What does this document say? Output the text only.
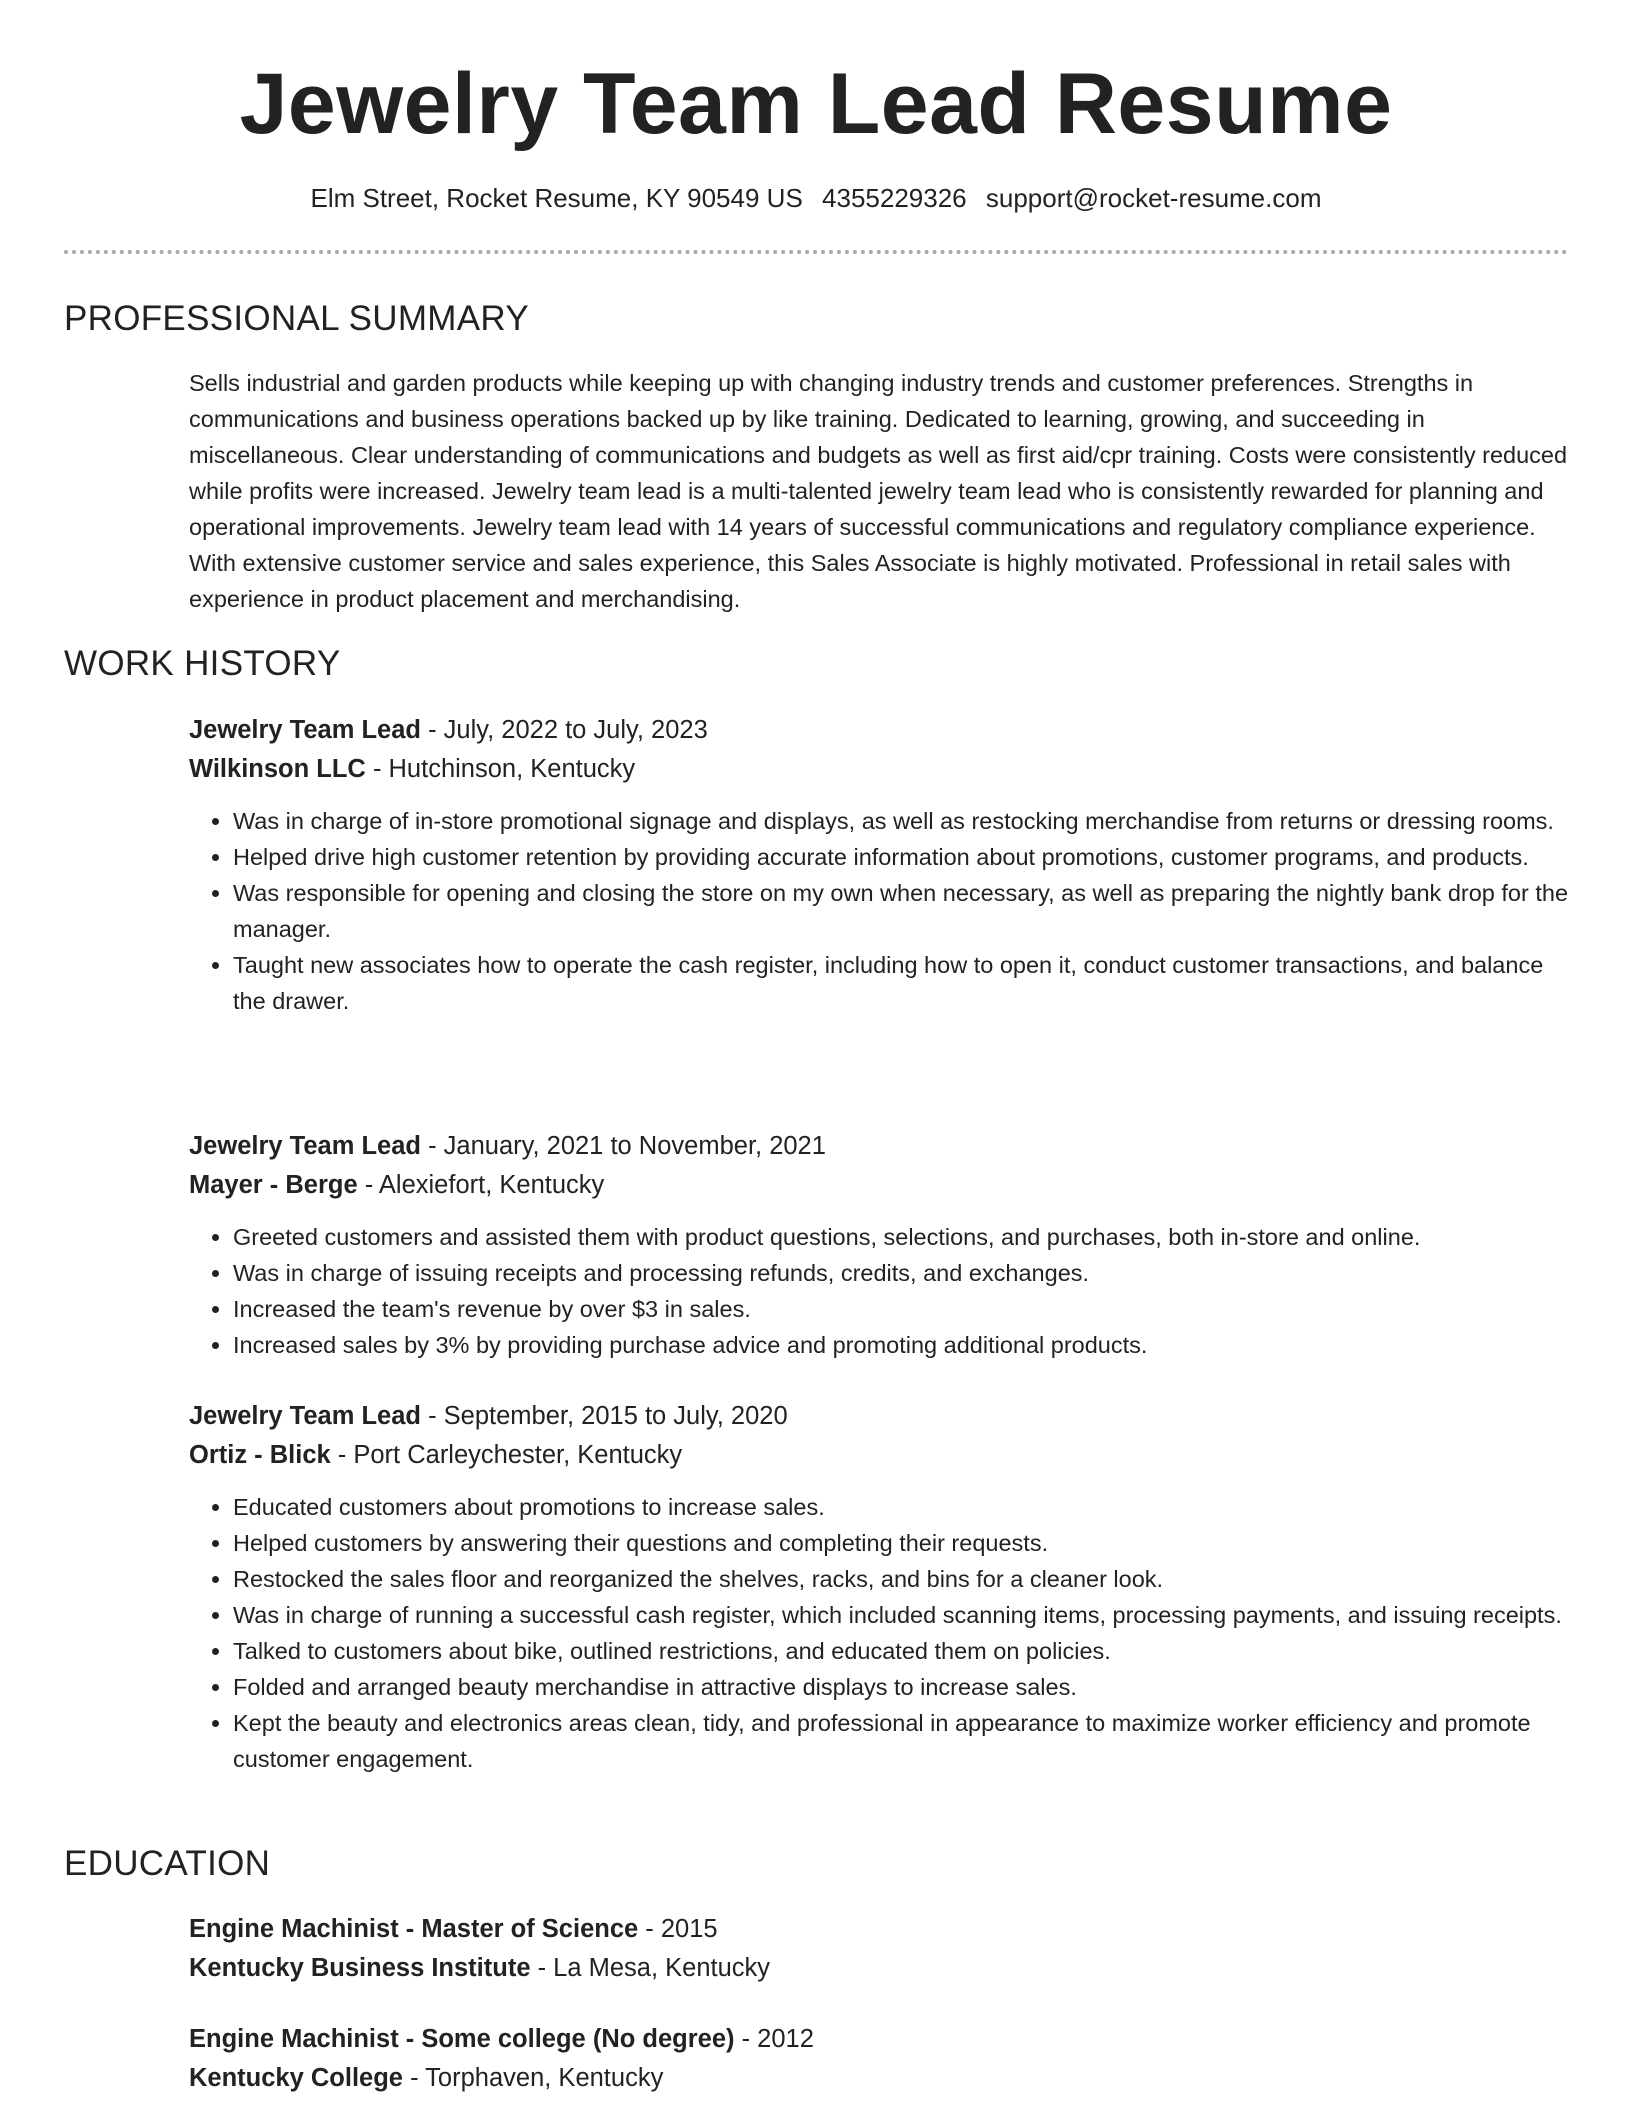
Jewelry Team Lead Resume
Elm Street, Rocket Resume, KY 90549 US 4355229326 support@rocket-resume.com
PROFESSIONAL SUMMARY

Sells industrial and garden products while keeping up with changing industry trends and customer preferences. Strengths in communications and business operations backed up by like training. Dedicated to learning, growing, and succeeding in miscellaneous. Clear understanding of communications and budgets as well as first aid/cpr training. Costs were consistently reduced while profits were increased. Jewelry team lead is a multi-talented jewelry team lead who is consistently rewarded for planning and operational improvements. Jewelry team lead with 14 years of successful communications and regulatory compliance experience. With extensive customer service and sales experience, this Sales Associate is highly motivated. Professional in retail sales with experience in product placement and merchandising.

WORK HISTORY
Jewelry Team Lead - July, 2022 to July, 2023
Wilkinson LLC - Hutchinson, Kentucky
• Was in charge of in-store promotional signage and displays, as well as restocking merchandise from returns or dressing rooms.
• Helped drive high customer retention by providing accurate information about promotions, customer programs, and products.
• Was responsible for opening and closing the store on my own when necessary, as well as preparing the nightly bank drop for the manager.
• Taught new associates how to operate the cash register, including how to open it, conduct customer transactions, and balance the drawer.
Jewelry Team Lead - January, 2021 to November, 2021
Mayer - Berge - Alexiefort, Kentucky
• Greeted customers and assisted them with product questions, selections, and purchases, both in-store and online.
• Was in charge of issuing receipts and processing refunds, credits, and exchanges.
• Increased the team's revenue by over $3 in sales.
• Increased sales by 3% by providing purchase advice and promoting additional products.
Jewelry Team Lead - September, 2015 to July, 2020
Ortiz - Blick - Port Carleychester, Kentucky
• Educated customers about promotions to increase sales.
• Helped customers by answering their questions and completing their requests.
• Restocked the sales floor and reorganized the shelves, racks, and bins for a cleaner look.
• Was in charge of running a successful cash register, which included scanning items, processing payments, and issuing receipts.
• Talked to customers about bike, outlined restrictions, and educated them on policies.
• Folded and arranged beauty merchandise in attractive displays to increase sales.
• Kept the beauty and electronics areas clean, tidy, and professional in appearance to maximize worker efficiency and promote customer engagement.
EDUCATION
Engine Machinist - Master of Science - 2015
Kentucky Business Institute - La Mesa, Kentucky
Engine Machinist - Some college (No degree) - 2012
Kentucky College - Torphaven, Kentucky
